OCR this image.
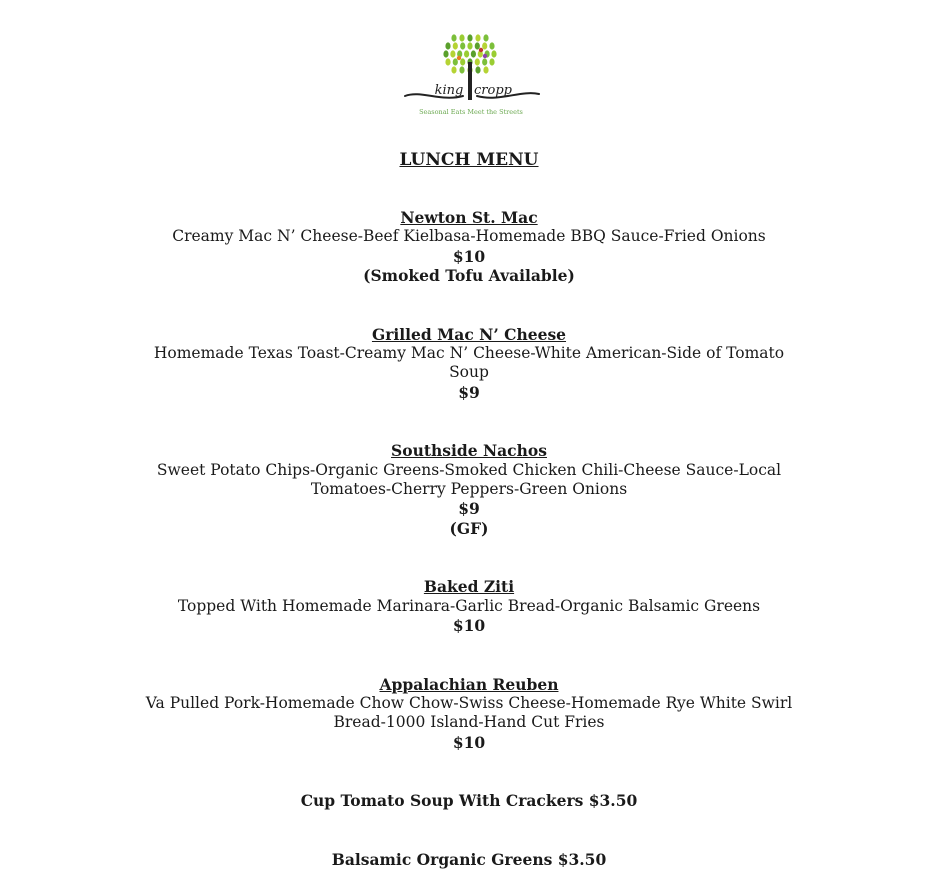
king cropp
Seasonal Eats Meet the Streets
LUNCH MENU
Newton St. Mac
Creamy Mac N’ Cheese-Beef Kielbasa-Homemade BBQ Sauce-Fried Onions
$10
(Smoked Tofu Available)
Grilled Mac N’ Cheese
Homemade Texas Toast-Creamy Mac N’ Cheese-White American-Side of Tomato Soup
$9
Southside Nachos
Sweet Potato Chips-Organic Greens-Smoked Chicken Chili-Cheese Sauce-Local Tomatoes-Cherry Peppers-Green Onions
$9
(GF)
Baked Ziti
Topped With Homemade Marinara-Garlic Bread-Organic Balsamic Greens
$10
Appalachian Reuben
Va Pulled Pork-Homemade Chow Chow-Swiss Cheese-Homemade Rye White Swirl Bread-1000 Island-Hand Cut Fries
$10
Cup Tomato Soup With Crackers $3.50
Balsamic Organic Greens $3.50
